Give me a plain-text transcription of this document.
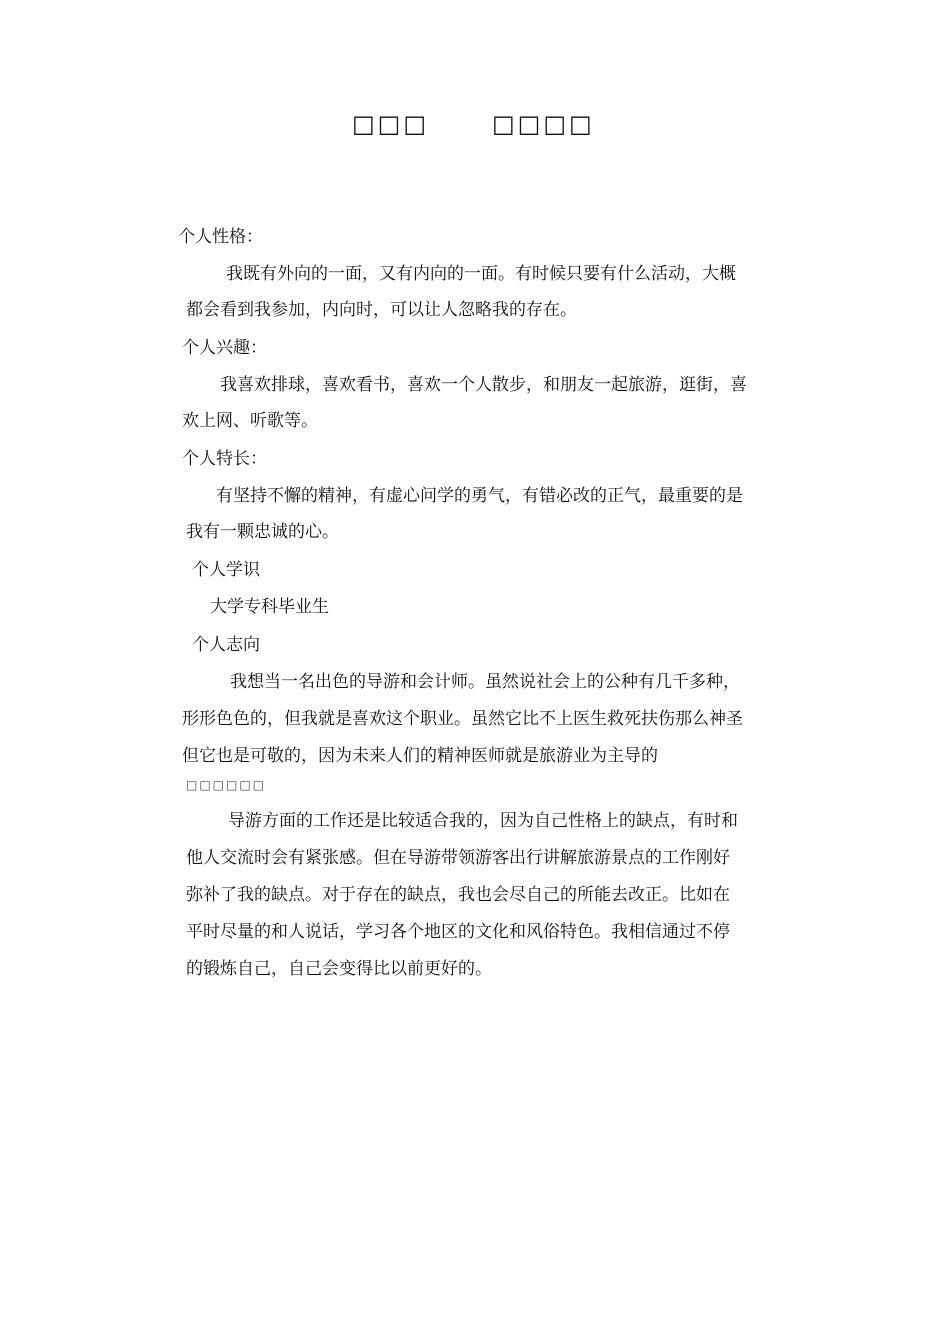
□□□	□□□□
个人性格：
我既有外向的一面，又有内向的一面。有时候只要有什么活动，大概
都会看到我参加，内向时，可以让人忽略我的存在。
个人兴趣：
我喜欢排球，喜欢看书，喜欢一个人散步，和朋友一起旅游，逛街，喜
欢上网、听歌等。
个人特长：
有坚持不懈的精神，有虚心问学的勇气，有错必改的正气，最重要的是
我有一颗忠诚的心。
个人学识
大学专科毕业生
个人志向
我想当一名出色的导游和会计师。虽然说社会上的公种有几千多种，
形形色色的，但我就是喜欢这个职业。虽然它比不上医生救死扶伤那么神圣
但它也是可敬的，因为未来人们的精神医师就是旅游业为主导的
□□□□□□
导游方面的工作还是比较适合我的，因为自己性格上的缺点，有时和
他人交流时会有紧张感。但在导游带领游客出行讲解旅游景点的工作刚好
弥补了我的缺点。对于存在的缺点，我也会尽自己的所能去改正。比如在
平时尽量的和人说话，学习各个地区的文化和风俗特色。我相信通过不停
的锻炼自己，自己会变得比以前更好的。
